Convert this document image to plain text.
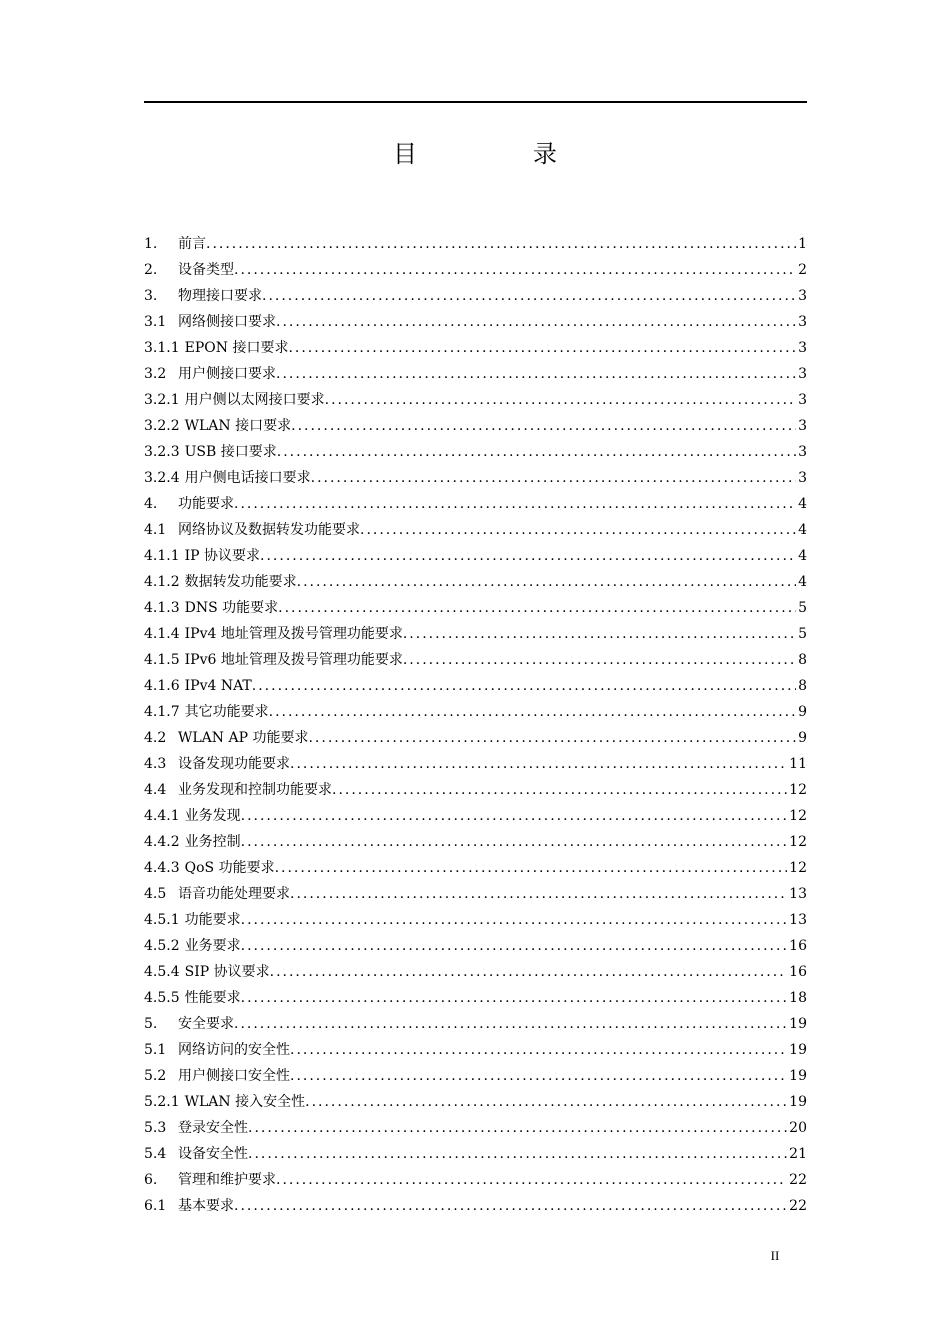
目　录
1.	前言 .....	1
2.	设备类型 .....	2
3.	物理接口要求 .....	3
3.1 网络侧接口要求 .....	3
3.1.1 EPON 接口要求 .....	3
3.2 用户侧接口要求 .....	3
3.2.1 用户侧以太网接口要求 .....	3
3.2.2 WLAN 接口要求 .....	3
3.2.3 USB 接口要求 .....	3
3.2.4 用户侧电话接口要求 .....	3
4.	功能要求 .....	4
4.1 网络协议及数据转发功能要求 .....	4
4.1.1 IP 协议要求 .....	4
4.1.2 数据转发功能要求 .....	4
4.1.3 DNS 功能要求 .....	5
4.1.4 IPv4 地址管理及拨号管理功能要求 .....	5
4.1.5 IPv6 地址管理及拨号管理功能要求 .....	8
4.1.6 IPv4 NAT .....	8
4.1.7 其它功能要求 .....	9
4.2 WLAN AP 功能要求 .....	9
4.3 设备发现功能要求 .....	11
4.4 业务发现和控制功能要求 .....	12
4.4.1 业务发现 .....	12
4.4.2 业务控制 .....	12
4.4.3 QoS 功能要求 .....	12
4.5 语音功能处理要求 .....	13
4.5.1 功能要求 .....	13
4.5.2 业务要求 .....	16
4.5.4 SIP 协议要求 .....	16
4.5.5 性能要求 .....	18
5.	安全要求 .....	19
5.1 网络访问的安全性 .....	19
5.2 用户侧接口安全性 .....	19
5.2.1 WLAN 接入安全性 .....	19
5.3 登录安全性 .....	20
5.4 设备安全性 .....	21
6.	管理和维护要求 .....	22
6.1 基本要求 .....	22
II
